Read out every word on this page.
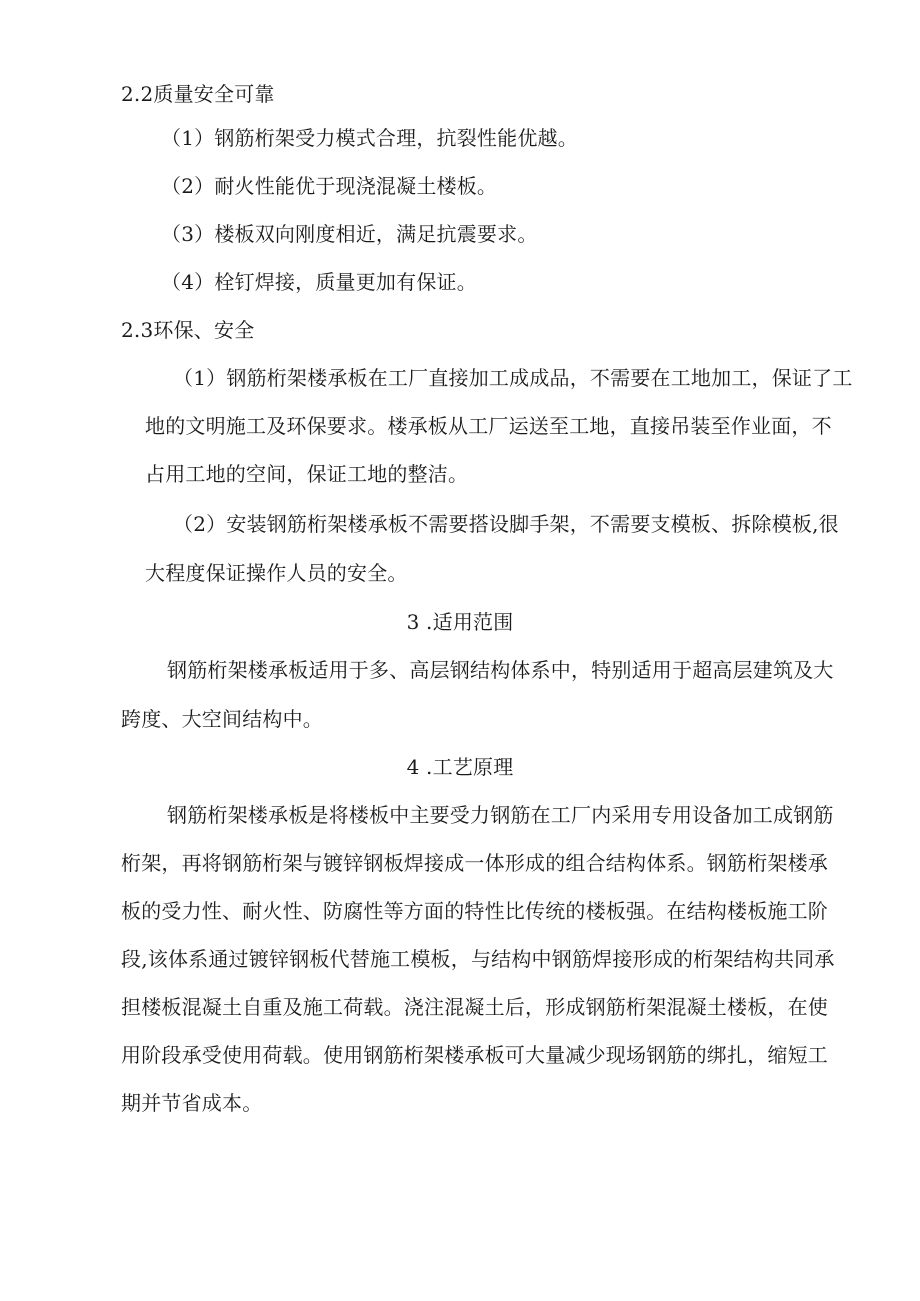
2.2质量安全可靠

（1）钢筋桁架受力模式合理，抗裂性能优越。

（2）耐火性能优于现浇混凝土楼板。

（3）楼板双向刚度相近，满足抗震要求。

（4）栓钉焊接，质量更加有保证。

2.3环保、安全

（1）钢筋桁架楼承板在工厂直接加工成成品，不需要在工地加工，保证了工

地的文明施工及环保要求。楼承板从工厂运送至工地，直接吊装至作业面，不

占用工地的空间，保证工地的整洁。

（2）安装钢筋桁架楼承板不需要搭设脚手架，不需要支模板、拆除模板,很

大程度保证操作人员的安全。

3 .适用范围

钢筋桁架楼承板适用于多、高层钢结构体系中，特别适用于超高层建筑及大

跨度、大空间结构中。

4 .工艺原理

钢筋桁架楼承板是将楼板中主要受力钢筋在工厂内采用专用设备加工成钢筋

桁架，再将钢筋桁架与镀锌钢板焊接成一体形成的组合结构体系。钢筋桁架楼承

板的受力性、耐火性、防腐性等方面的特性比传统的楼板强。在结构楼板施工阶

段,该体系通过镀锌钢板代替施工模板，与结构中钢筋焊接形成的桁架结构共同承

担楼板混凝土自重及施工荷载。浇注混凝土后，形成钢筋桁架混凝土楼板，在使

用阶段承受使用荷载。使用钢筋桁架楼承板可大量减少现场钢筋的绑扎，缩短工

期并节省成本。
